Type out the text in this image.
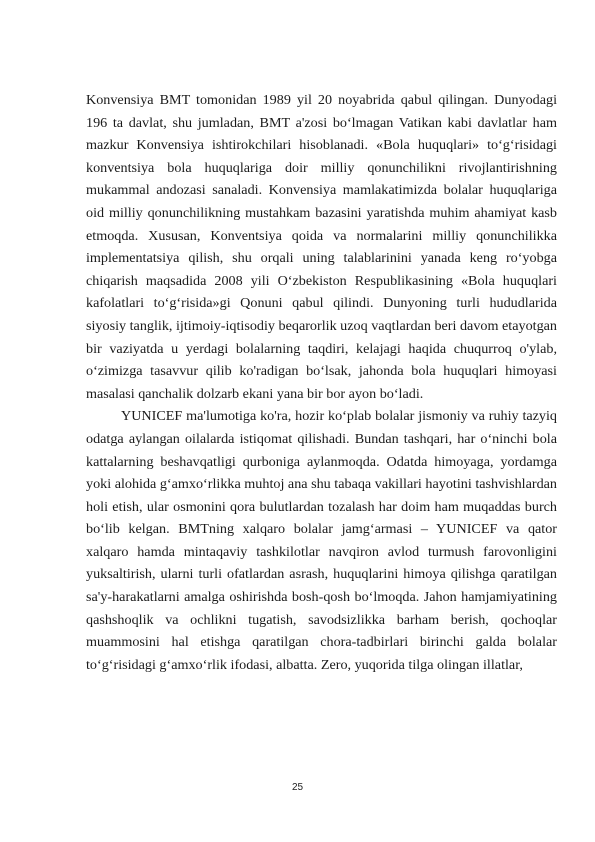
Konvensiya BMT tomonidan 1989 yil 20 noyabrida qabul qilingan. Dunyodagi 196 ta davlat, shu jumladan, BMT a'zosi bo‘lmagan Vatikan kabi davlatlar ham mazkur Konvensiya ishtirokchilari hisoblanadi. «Bola huquqlari» to‘g‘risidagi konventsiya bola huquqlariga doir milliy qonunchilikni rivojlantirishning mukammal andozasi sanaladi. Konvensiya mamlakatimizda bolalar huquqlariga oid milliy qonunchilikning mustahkam bazasini yaratishda muhim ahamiyat kasb etmoqda. Xususan, Konventsiya qoida va normalarini milliy qonunchilikka implementatsiya qilish, shu orqali uning talablarinini yanada keng ro‘yobga chiqarish maqsadida 2008 yili O‘zbekiston Respublikasining «Bola huquqlari kafolatlari to‘g‘risida»gi Qonuni qabul qilindi. Dunyoning turli hududlarida siyosiy tanglik, ijtimoiy-iqtisodiy beqarorlik uzoq vaqtlardan beri davom etayotgan bir vaziyatda u yerdagi bolalarning taqdiri, kelajagi haqida chuqurroq o'ylab, o‘zimizga tasavvur qilib ko'radigan bo‘lsak, jahonda bola huquqlari himoyasi masalasi qanchalik dolzarb ekani yana bir bor ayon bo‘ladi.

YUNICEF ma'lumotiga ko'ra, hozir ko‘plab bolalar jismoniy va ruhiy tazyiq odatga aylangan oilalarda istiqomat qilishadi. Bundan tashqari, har o‘ninchi bola kattalarning beshavqatligi qurboniga aylanmoqda. Odatda himoyaga, yordamga yoki alohida g‘amxo‘rlikka muhtoj ana shu tabaqa vakillari hayotini tashvishlardan holi etish, ular osmonini qora bulutlardan tozalash har doim ham muqaddas burch bo‘lib kelgan. BMTning xalqaro bolalar jamg‘armasi – YUNICEF va qator xalqaro hamda mintaqaviy tashkilotlar navqiron avlod turmush farovonligini yuksaltirish, ularni turli ofatlardan asrash, huquqlarini himoya qilishga qaratilgan sa'y-harakatlarni amalga oshirishda bosh-qosh bo‘lmoqda. Jahon hamjamiyatining qashshoqlik va ochlikni tugatish, savodsizlikka barham berish, qochoqlar muammosini hal etishga qaratilgan chora-tadbirlari birinchi galda bolalar to‘g‘risidagi g‘amxo‘rlik ifodasi, albatta. Zero, yuqorida tilga olingan illatlar,

25
